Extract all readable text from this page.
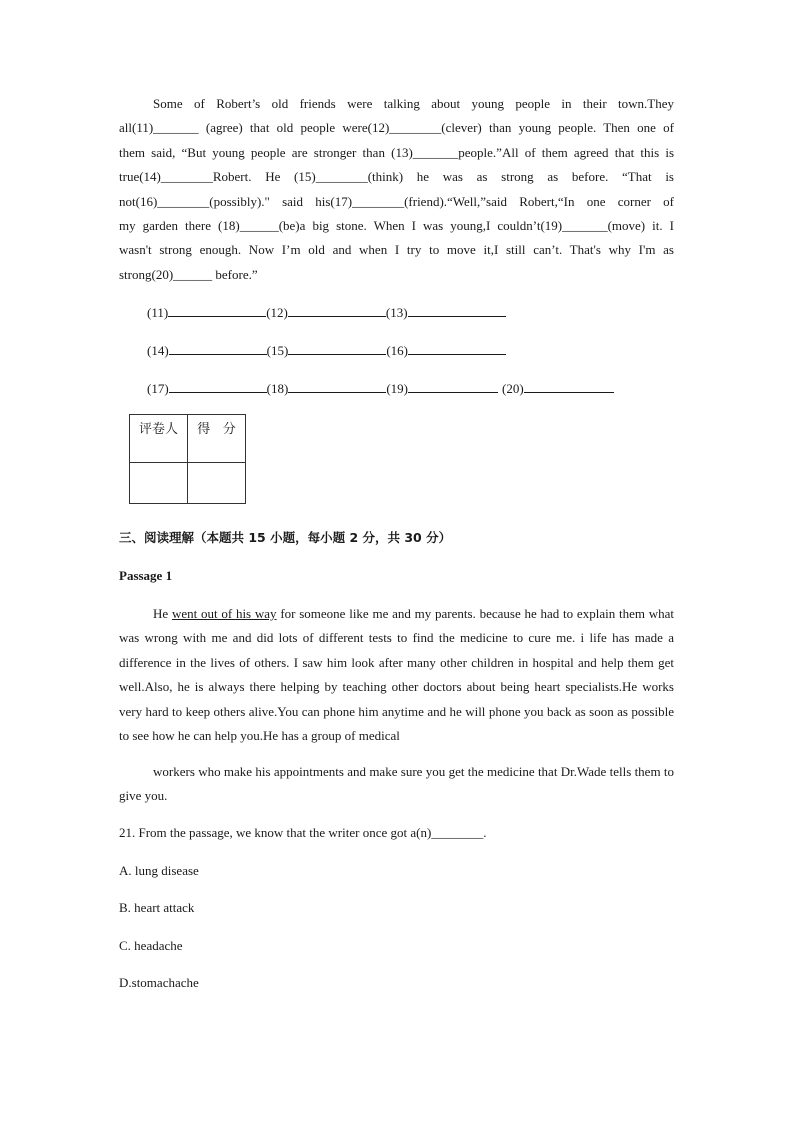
Some of Robert’s old friends were talking about young people in their town.They

all(11)_______ (agree) that old people were(12)________(clever) than young people. Then one of

them said, “But young people are stronger than (13)_______people.”All of them agreed that this is

true(14)________Robert. He (15)________(think) he was as strong as before. “That is

not(16)________(possibly)." said his(17)________(friend).“Well,”said Robert,“In one corner of

my garden there (18)______(be)a big stone. When I was young,I couldn’t(19)_______(move) it. I

wasn't strong enough. Now I’m old and when I try to move it,I still can’t. That's why I'm as

strong(20)______ before.”

(11)	(12)	(13)
(14)	(15)	(16)
(17)	(18)	(19)	(20)
评卷人	得   分

三、阅读理解（本题共 15 小题，每小题 2 分，共 30 分）
Passage 1

He went out of his way for someone like me and my parents. because he had to explain them what was wrong with me and did lots of different tests to find the medicine to cure me. i life has made a difference in the lives of others. I saw him look after many other children in hospital and help them get well.Also, he is always there helping by teaching other doctors about being heart specialists.He works very hard to keep others alive.You can phone him anytime and he will phone you back as soon as possible to see how he can help you.He has a group of medical

workers who make his appointments and make sure you get the medicine that Dr.Wade tells them to give you.

21. From the passage, we know that the writer once got a(n)________.
A. lung disease
B. heart attack
C. headache
D.stomachache
